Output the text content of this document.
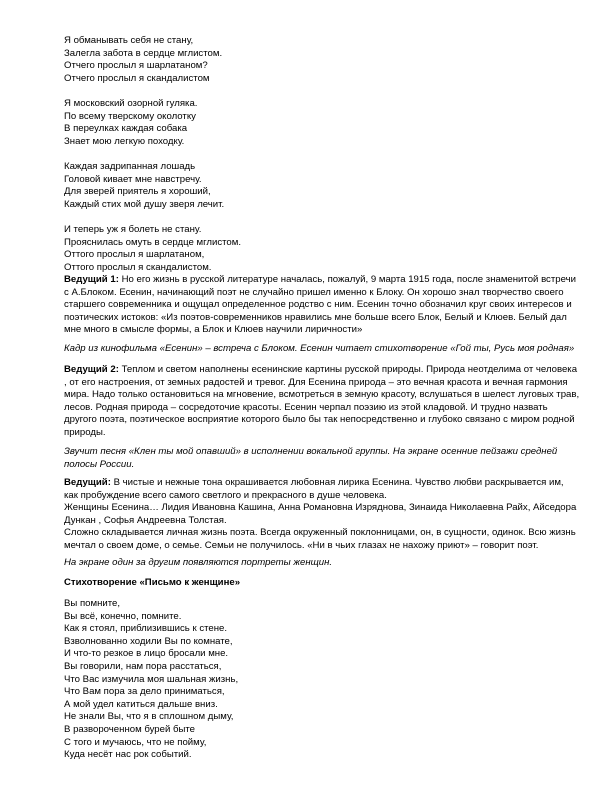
Я обманывать себя не стану,
Залегла забота в сердце мглистом.
Отчего прослыл я шарлатаном?
Отчего прослыл я скандалистом
Я московский озорной гуляка.
По всему тверскому околотку
В переулках каждая собака
Знает мою легкую походку.
Каждая задрипанная лошадь
Головой кивает мне навстречу.
Для зверей приятель я хороший,
Каждый стих мой душу зверя лечит.
И теперь уж я болеть не стану.
Прояснилась омуть в сердце мглистом.
Оттого прослыл я шарлатаном,
Оттого прослыл я скандалистом.
Ведущий 1: Но его жизнь в русской литературе началась, пожалуй, 9 марта 1915 года, после знаменитой встречи с А.Блоком. Есенин, начинающий поэт не случайно пришел именно к Блоку. Он хорошо знал творчество своего старшего современника и ощущал определенное родство с ним. Есенин точно обозначил круг своих интересов и поэтических истоков: «Из поэтов-современников нравились мне больше всего Блок, Белый и Клюев. Белый дал мне много в смысле формы, а Блок и Клюев научили лиричности»
Кадр из кинофильма «Есенин» – встреча с Блоком. Есенин читает стихотворение «Гой ты, Русь моя родная»
Ведущий 2: Теплом и светом наполнены есенинские картины русской природы. Природа неотделима от человека , от его настроения, от земных радостей и тревог. Для Есенина природа – это вечная красота и вечная гармония мира. Надо только остановиться на мгновение, всмотреться в земную красоту, вслушаться в шелест луговых трав, лесов. Родная природа – сосредоточие красоты. Есенин черпал поэзию из этой кладовой. И трудно назвать другого поэта, поэтическое восприятие которого было бы так непосредственно и глубоко связано с миром родной природы.
Звучит песня «Клен ты мой опавший» в исполнении вокальной группы. На экране осенние пейзажи средней полосы России.
Ведущий: В чистые и нежные тона окрашивается любовная лирика Есенина. Чувство любви раскрывается им, как пробуждение всего самого светлого и прекрасного в душе человека.
Женщины Есенина… Лидия Ивановна Кашина, Анна Романовна Изряднова, Зинаида Николаевна Райх, Айседора Дункан , Софья Андреевна Толстая.
Сложно складывается личная жизнь поэта. Всегда окруженный поклонницами, он, в сущности, одинок. Всю жизнь мечтал о своем доме, о семье. Семьи не получилось. «Ни в чьих глазах не нахожу приют» – говорит поэт.
На экране один за другим появляются портреты женщин.
Стихотворение «Письмо к женщине»
Вы помните,
Вы всё, конечно, помните.
Как я стоял, приблизившись к стене.
Взволнованно ходили Вы по комнате,
И что-то резкое в лицо бросали мне.
Вы говорили, нам пора расстаться,
Что Вас измучила моя шальная жизнь,
Что Вам пора за дело приниматься,
А мой удел катиться дальше вниз.
Не знали Вы, что я в сплошном дыму,
В развороченном бурей быте
С того и мучаюсь, что не пойму,
Куда несёт нас рок событий.
